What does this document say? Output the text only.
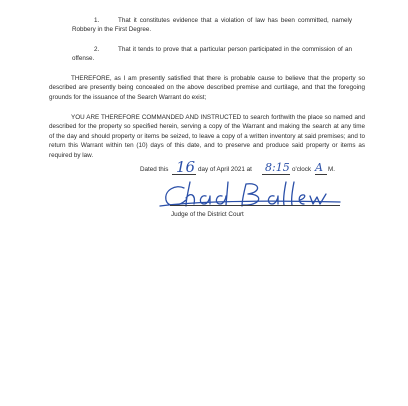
1.	That it constitutes evidence that a violation of law has been committed, namely Robbery in the First Degree.

2.	That it tends to prove that a particular person participated in the commission of an offense.

THEREFORE, as I am presently satisfied that there is probable cause to believe that the property so described are presently being concealed on the above described premise and curtilage, and that the foregoing grounds for the issuance of the Search Warrant do exist;

YOU ARE THEREFORE COMMANDED AND INSTRUCTED to search forthwith the place so named and described for the property so specified herein, serving a copy of the Warrant and making the search at any time of the day and should property or items be seized, to leave a copy of a written inventory at said premises; and to return this Warrant within ten (10) days of this date, and to preserve and produce said property or items as required by law.

Dated this 16 day of April 2021 at 8:15 o'clock A M.
Judge of the District Court
